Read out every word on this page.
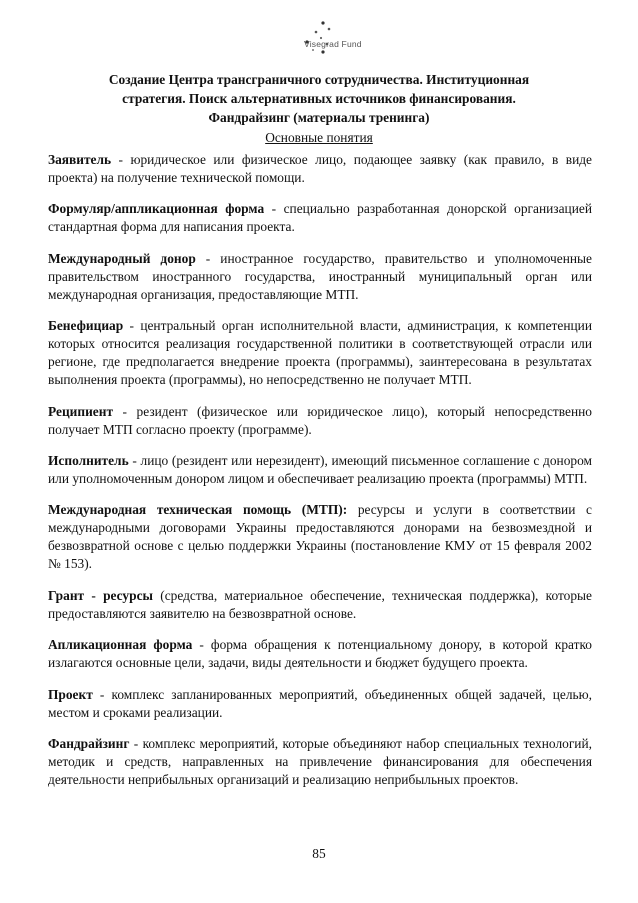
Visegrad Fund
Создание Центра трансграничного сотрудничества. Институционная
стратегия. Поиск альтернативных источников финансирования.
Фандрайзинг (материалы тренинга)
Основные понятия

Заявитель - юридическое или физическое лицо, подающее заявку (как правило, в виде проекта) на получение технической помощи.

Формуляр/аппликационная форма - специально разработанная донорской организацией стандартная форма для написания проекта.

Международный донор - иностранное государство, правительство и уполномоченные правительством иностранного государства, иностранный муниципальный орган или международная организация, предоставляющие МТП.

Бенефициар - центральный орган исполнительной власти, администрация, к компетенции которых относится реализация государственной политики в соответствующей отрасли или регионе, где предполагается внедрение проекта (программы), заинтересована в результатах выполнения проекта (программы), но непосредственно не получает МТП.

Реципиент - резидент (физическое или юридическое лицо), который непосредственно получает МТП согласно проекту (программе).

Исполнитель - лицо (резидент или нерезидент), имеющий письменное соглашение с донором или уполномоченным донором лицом и обеспечивает реализацию проекта (программы) МТП.

Международная техническая помощь (МТП): ресурсы и услуги в соответствии с международными договорами Украины предоставляются донорами на безвозмездной и безвозвратной основе с целью поддержки Украины (постановление КМУ от 15 февраля 2002 № 153).

Грант - ресурсы (средства, материальное обеспечение, техническая поддержка), которые предоставляются заявителю на безвозвратной основе.

Апликационная форма - форма обращения к потенциальному донору, в которой кратко излагаются основные цели, задачи, виды деятельности и бюджет будущего проекта.

Проект - комплекс запланированных мероприятий, объединенных общей задачей, целью, местом и сроками реализации.

Фандрайзинг - комплекс мероприятий, которые объединяют набор специальных технологий, методик и средств, направленных на привлечение финансирования для обеспечения деятельности неприбыльных организаций и реализацию неприбыльных проектов.

85
